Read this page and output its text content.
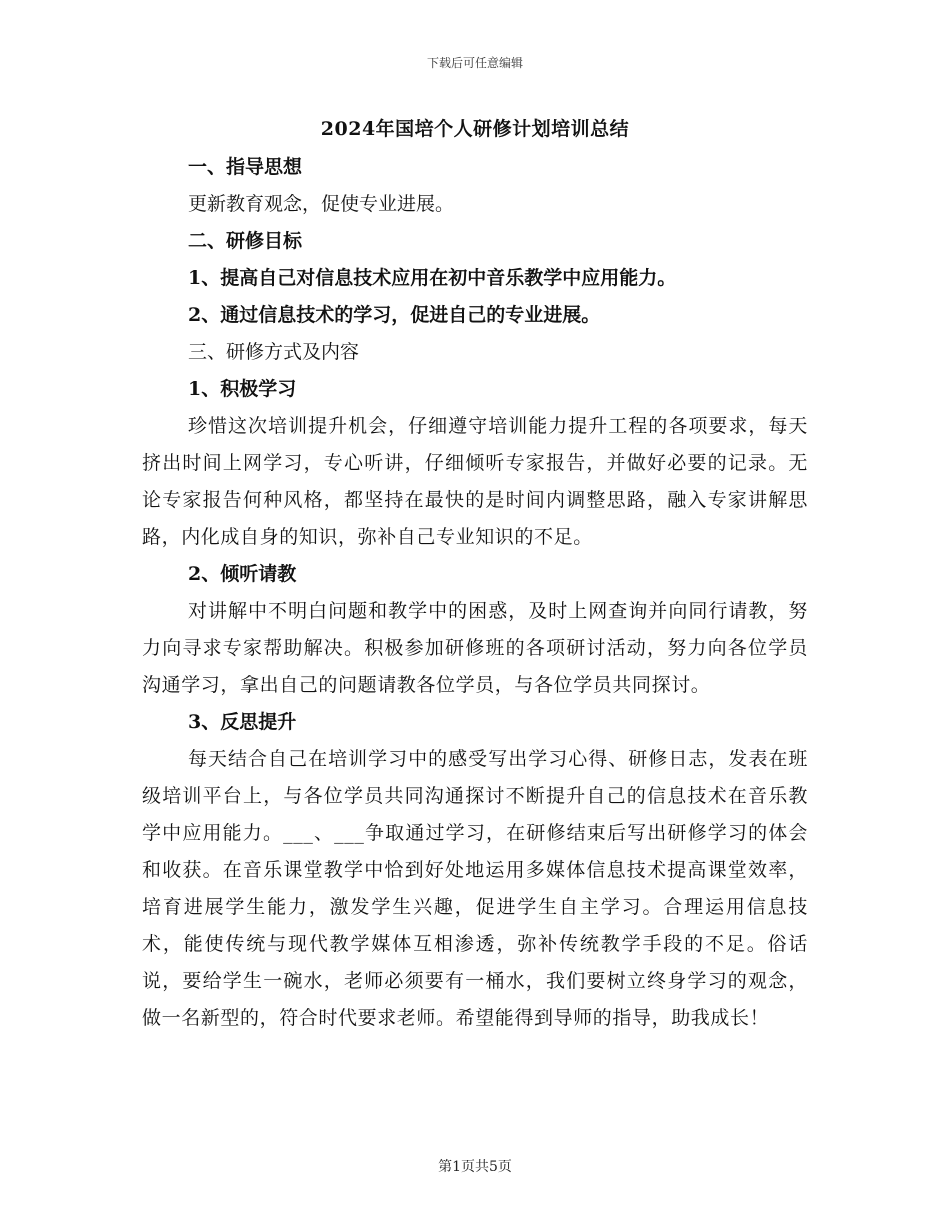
下载后可任意编辑
2024年国培个人研修计划培训总结

一、指导思想

更新教育观念，促使专业进展。

二、研修目标

1、提高自己对信息技术应用在初中音乐教学中应用能力。

2、通过信息技术的学习，促进自己的专业进展。

三、研修方式及内容

1、积极学习

珍惜这次培训提升机会，仔细遵守培训能力提升工程的各项要求，每天挤出时间上网学习，专心听讲，仔细倾听专家报告，并做好必要的记录。无论专家报告何种风格，都坚持在最快的是时间内调整思路，融入专家讲解思路，内化成自身的知识，弥补自己专业知识的不足。

2、倾听请教

对讲解中不明白问题和教学中的困惑，及时上网查询并向同行请教，努力向寻求专家帮助解决。积极参加研修班的各项研讨活动，努力向各位学员沟通学习，拿出自己的问题请教各位学员，与各位学员共同探讨。

3、反思提升

每天结合自己在培训学习中的感受写出学习心得、研修日志，发表在班级培训平台上，与各位学员共同沟通探讨不断提升自己的信息技术在音乐教学中应用能力。___、___争取通过学习，在研修结束后写出研修学习的体会和收获。在音乐课堂教学中恰到好处地运用多媒体信息技术提高课堂效率，培育进展学生能力，激发学生兴趣，促进学生自主学习。合理运用信息技术，能使传统与现代教学媒体互相渗透，弥补传统教学手段的不足。俗话说，要给学生一碗水，老师必须要有一桶水，我们要树立终身学习的观念，做一名新型的，符合时代要求老师。希望能得到导师的指导，助我成长！

第1页共5页
